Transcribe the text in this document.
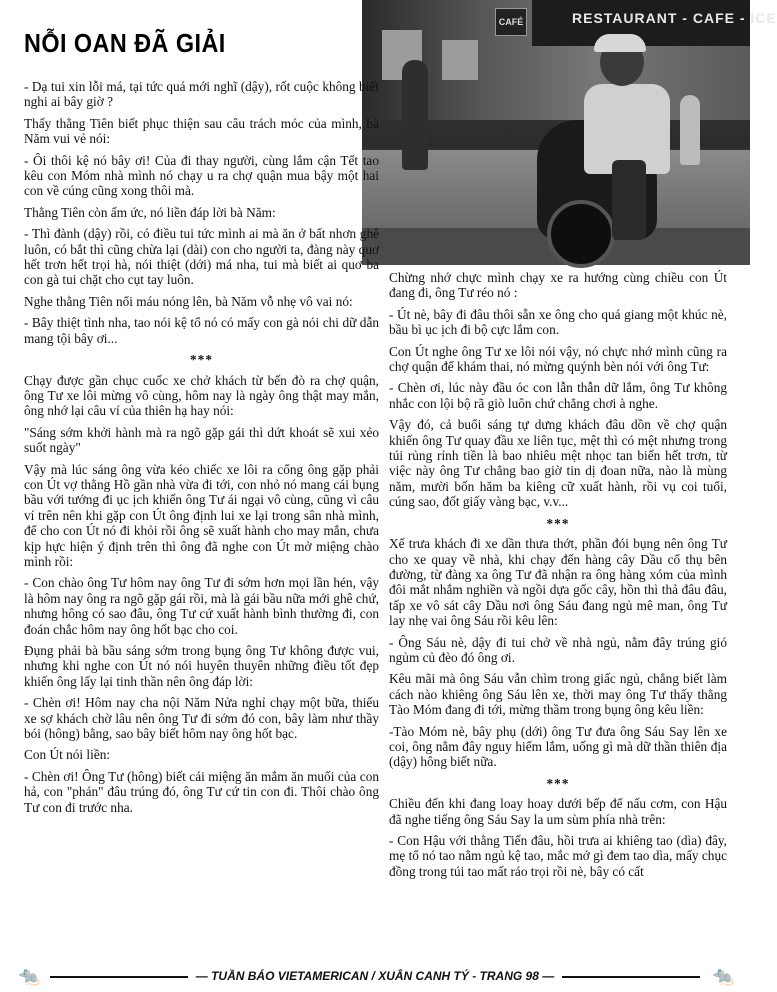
NỖI OAN ĐÃ GIẢI
RESTAURANT - CAFE - ICE
CAFÉ

- Dạ tui xin lỗi má, tại tức quá mới nghĩ (dậy), rốt cuộc không biết nghi ai bây giờ ?

Thấy thằng Tiên biết phục thiện sau câu trách móc của mình, bà Năm vui vẻ nói:

- Ôi thôi kệ nó bây ơi! Của đi thay người, cùng lắm cận Tết tao kêu con Móm nhà mình nó chạy u ra chợ quận mua bậy một hai con về cúng cũng xong thôi mà.

Thằng Tiên còn ấm ức, nó liền đáp lời bà Năm:

- Thì đành (dậy) rồi, có điều tui tức mình ai mà ăn ở bất nhơn ghê luôn, có bắt thì cũng chừa lại (dài) con cho người ta, đàng này quơ hết trơn hết trọi hà, nói thiệt (dới) má nha, tui mà biết ai quơ ba con gà tui chặt cho cụt tay luôn.

Nghe thằng Tiên nổi máu nóng lên, bà Năm vỗ nhẹ vô vai nó:

- Bây thiệt tình nha, tao nói kệ tổ nó có mấy con gà nói chi dữ dẫn mang tội bây ơi...

***

Chạy được gần chục cuốc xe chở khách từ bến đò ra chợ quận, ông Tư xe lôi mừng vô cùng, hôm nay là ngày ông thật may mắn, ông nhớ lại câu ví của thiên hạ hay nói:

"Sáng sớm khởi hành mà ra ngõ gặp gái thì dứt khoát sẽ xui xẻo suốt ngày"

Vậy mà lúc sáng ông vừa kéo chiếc xe lôi ra cổng ông gặp phải con Út vợ thằng Hồ gần nhà vừa đi tới, con nhỏ nó mang cái bụng bầu với tướng đi ục ịch khiến ông Tư ái ngại vô cùng, cũng vì câu ví trên nên khi gặp con Út ông định lui xe lại trong sân nhà mình, để cho con Út nó đi khỏi rồi ông sẽ xuất hành cho may mắn, chưa kịp hực hiện ý định trên thì ông đã nghe con Út mở miệng chào mình rồi:

- Con chào ông Tư hôm nay ông Tư đi sớm hơn mọi lần hén, vậy là hôm nay ông ra ngõ gặp gái rồi, mà là gái bầu nữa mới ghê chứ, nhưng hông có sao đâu, ông Tư cứ xuất hành bình thường đi, con đoán chắc hôm nay ông hốt bạc cho coi.

Đụng phải bà bầu sáng sớm trong bụng ông Tư không được vui, nhưng khi nghe con Út nó nói huyên thuyên những điều tốt đẹp khiến ông lấy lại tinh thần nên ông đáp lời:

- Chèn ơi! Hôm nay cha nội Năm Nửa nghỉ chạy một bữa, thiếu xe sợ khách chờ lâu nên ông Tư đi sớm đó con, bây làm như thầy bói (hông) bằng, sao bây biết hôm nay ông hốt bạc.

Con Út nói liền:

- Chèn ơi! Ông Tư (hông) biết cái miệng ăn mắm ăn muối của con hả, con "phán" đâu trúng đó, ông Tư cứ tin con đi. Thôi chào ông Tư con đi trước nha.

Chừng nhớ chực mình chạy xe ra hướng cùng chiều con Út đang đi, ông Tư réo nó :

- Út nè, bây đi đâu thôi sẵn xe ông cho quá giang một khúc nè, bầu bì ục ịch đi bộ cực lắm con.

Con Út nghe ông Tư xe lôi nói vậy, nó chực nhớ mình cũng ra chợ quận để khám thai, nó mừng quýnh bèn nói với ông Tư:

- Chèn ơi, lúc này đầu óc con lẫn thẫn dữ lắm, ông Tư không nhắc con lội bộ rã giò luôn chứ chẳng chơi à nghe.

Vậy đó, cả buổi sáng tự dưng khách đâu dồn về chợ quận khiến ông Tư quay đầu xe liên tục, mệt thì có mệt nhưng trong túi rủng rỉnh tiền là bao nhiêu mệt nhọc tan biến hết trơn, từ việc này ông Tư chẳng bao giờ tin dị đoan nữa, nào là mùng năm, mười bốn hăm ba kiêng cữ xuất hành, rồi vụ coi tuổi, cúng sao, đốt giấy vàng bạc, v.v...

***

Xế trưa khách đi xe dần thưa thớt, phần đói bụng nên ông Tư cho xe quay về nhà, khi chạy đến hàng cây Dầu cổ thụ bên đường, từ đàng xa ông Tư đã nhận ra ông hàng xóm của mình đôi mắt nhắm nghiền và ngồi dựa gốc cây, hồn thì thả đâu đâu, tấp xe vô sát cây Dầu nơi ông Sáu đang ngủ mê man, ông Tư lay nhẹ vai ông Sáu rồi kêu lên:

- Ông Sáu nè, dậy đi tui chở về nhà ngủ, nằm đây trúng gió ngủm củ đèo đó ông ơi.

Kêu mãi mà ông Sáu vẫn chìm trong giấc ngủ, chẳng biết làm cách nào khiêng ông Sáu lên xe, thời may ông Tư thấy thằng Tào Móm đang đi tới, mừng thầm trong bụng ông kêu liền:

-Tào Móm nè, bây phụ (dới) ông Tư đưa ông Sáu Say lên xe coi, ông nằm đây nguy hiểm lắm, uống gì mà dữ thần thiên địa (dậy) hông biết nữa.

***

Chiều đến khi đang loay hoay dưới bếp để nấu cơm, con Hậu đã nghe tiếng ông Sáu Say la um sùm phía nhà trên:

- Con Hậu với thằng Tiến đâu, hồi trưa ai khiêng tao (dìa) đây, mẹ tổ nó tao nằm ngủ kệ tao, mắc mớ gì đem tao dìa, mấy chục đồng trong túi tao mất ráo trọi rồi nè, bây có cất

🐀	🐀
— TUẦN BÁO VIETAMERICAN / XUÂN CANH TÝ - TRANG 98 —
